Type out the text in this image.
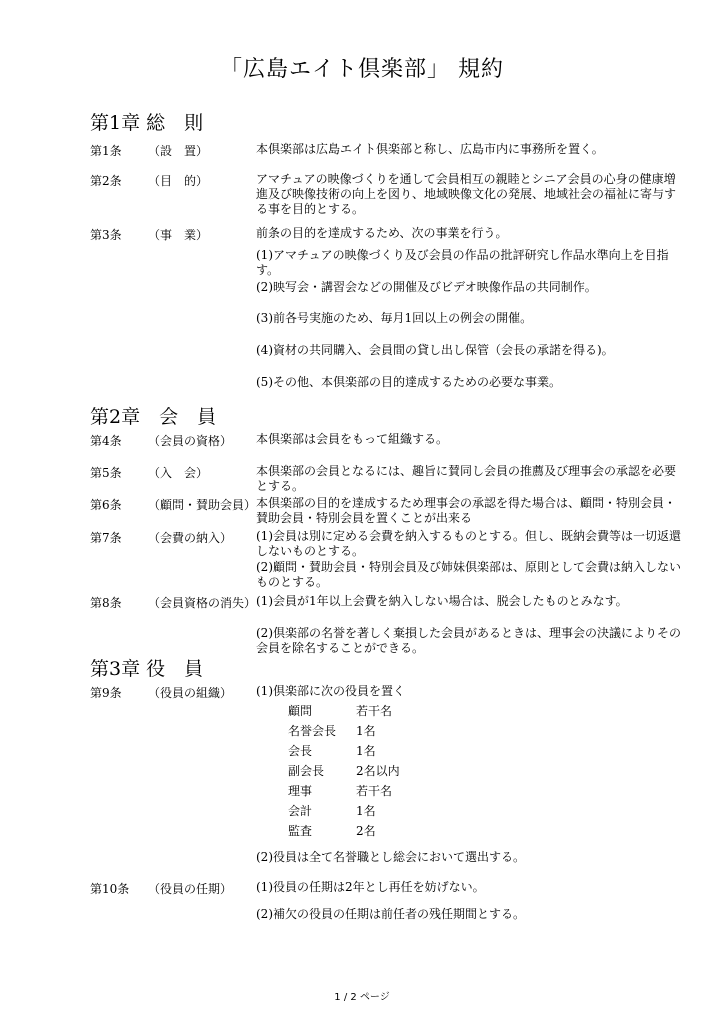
「広島エイト倶楽部」 規約
第1章 総　則
第1条 （設　置）	本倶楽部は広島エイト倶楽部と称し、広島市内に事務所を置く。
第2条 （目　的）	アマチュアの映像づくりを通して会員相互の親睦とシニア会員の心身の健康増進及び映像技術の向上を図り、地域映像文化の発展、地域社会の福祉に寄与する事を目的とする。
第3条 （事　業）	前条の目的を達成するため、次の事業を行う。
(1)アマチュアの映像づくり及び会員の作品の批評研究し作品水準向上を目指す。
(2)映写会・講習会などの開催及びビデオ映像作品の共同制作。
(3)前各号実施のため、毎月1回以上の例会の開催。
(4)資材の共同購入、会員間の貸し出し保管（会長の承諾を得る)。
(5)その他、本倶楽部の目的達成するための必要な事業。
第2章　会　員
第4条 （会員の資格） 本倶楽部は会員をもって組織する。
第5条 （入　会）	本倶楽部の会員となるには、趣旨に賛同し会員の推薦及び理事会の承認を必要とする。
第6条 （顧問・賛助会員） 本倶楽部の目的を達成するため理事会の承認を得た場合は、顧問・特別会員・賛助会員・特別会員を置くことが出来る
第7条 （会費の納入） (1)会員は別に定める会費を納入するものとする。但し、既納会費等は一切返還しないものとする。
(2)顧問・賛助会員・特別会員及び姉妹倶楽部は、原則として会費は納入しないものとする。
第8条 （会員資格の消失） (1)会員が1年以上会費を納入しない場合は、脱会したものとみなす。
(2)倶楽部の名誉を著しく棄損した会員があるときは、理事会の決議によりその会員を除名することができる。
第3章 役　員
第9条 （役員の組織） (1)倶楽部に次の役員を置く
顧問	若干名
名誉会長 1名
会長	1名
副会長	2名以内
理事	若干名
会計	1名
監査	2名
(2)役員は全て名誉職とし総会において選出する。
第10条 （役員の任期） (1)役員の任期は2年とし再任を妨げない。
(2)補欠の役員の任期は前任者の残任期間とする。
1 / 2 ページ
